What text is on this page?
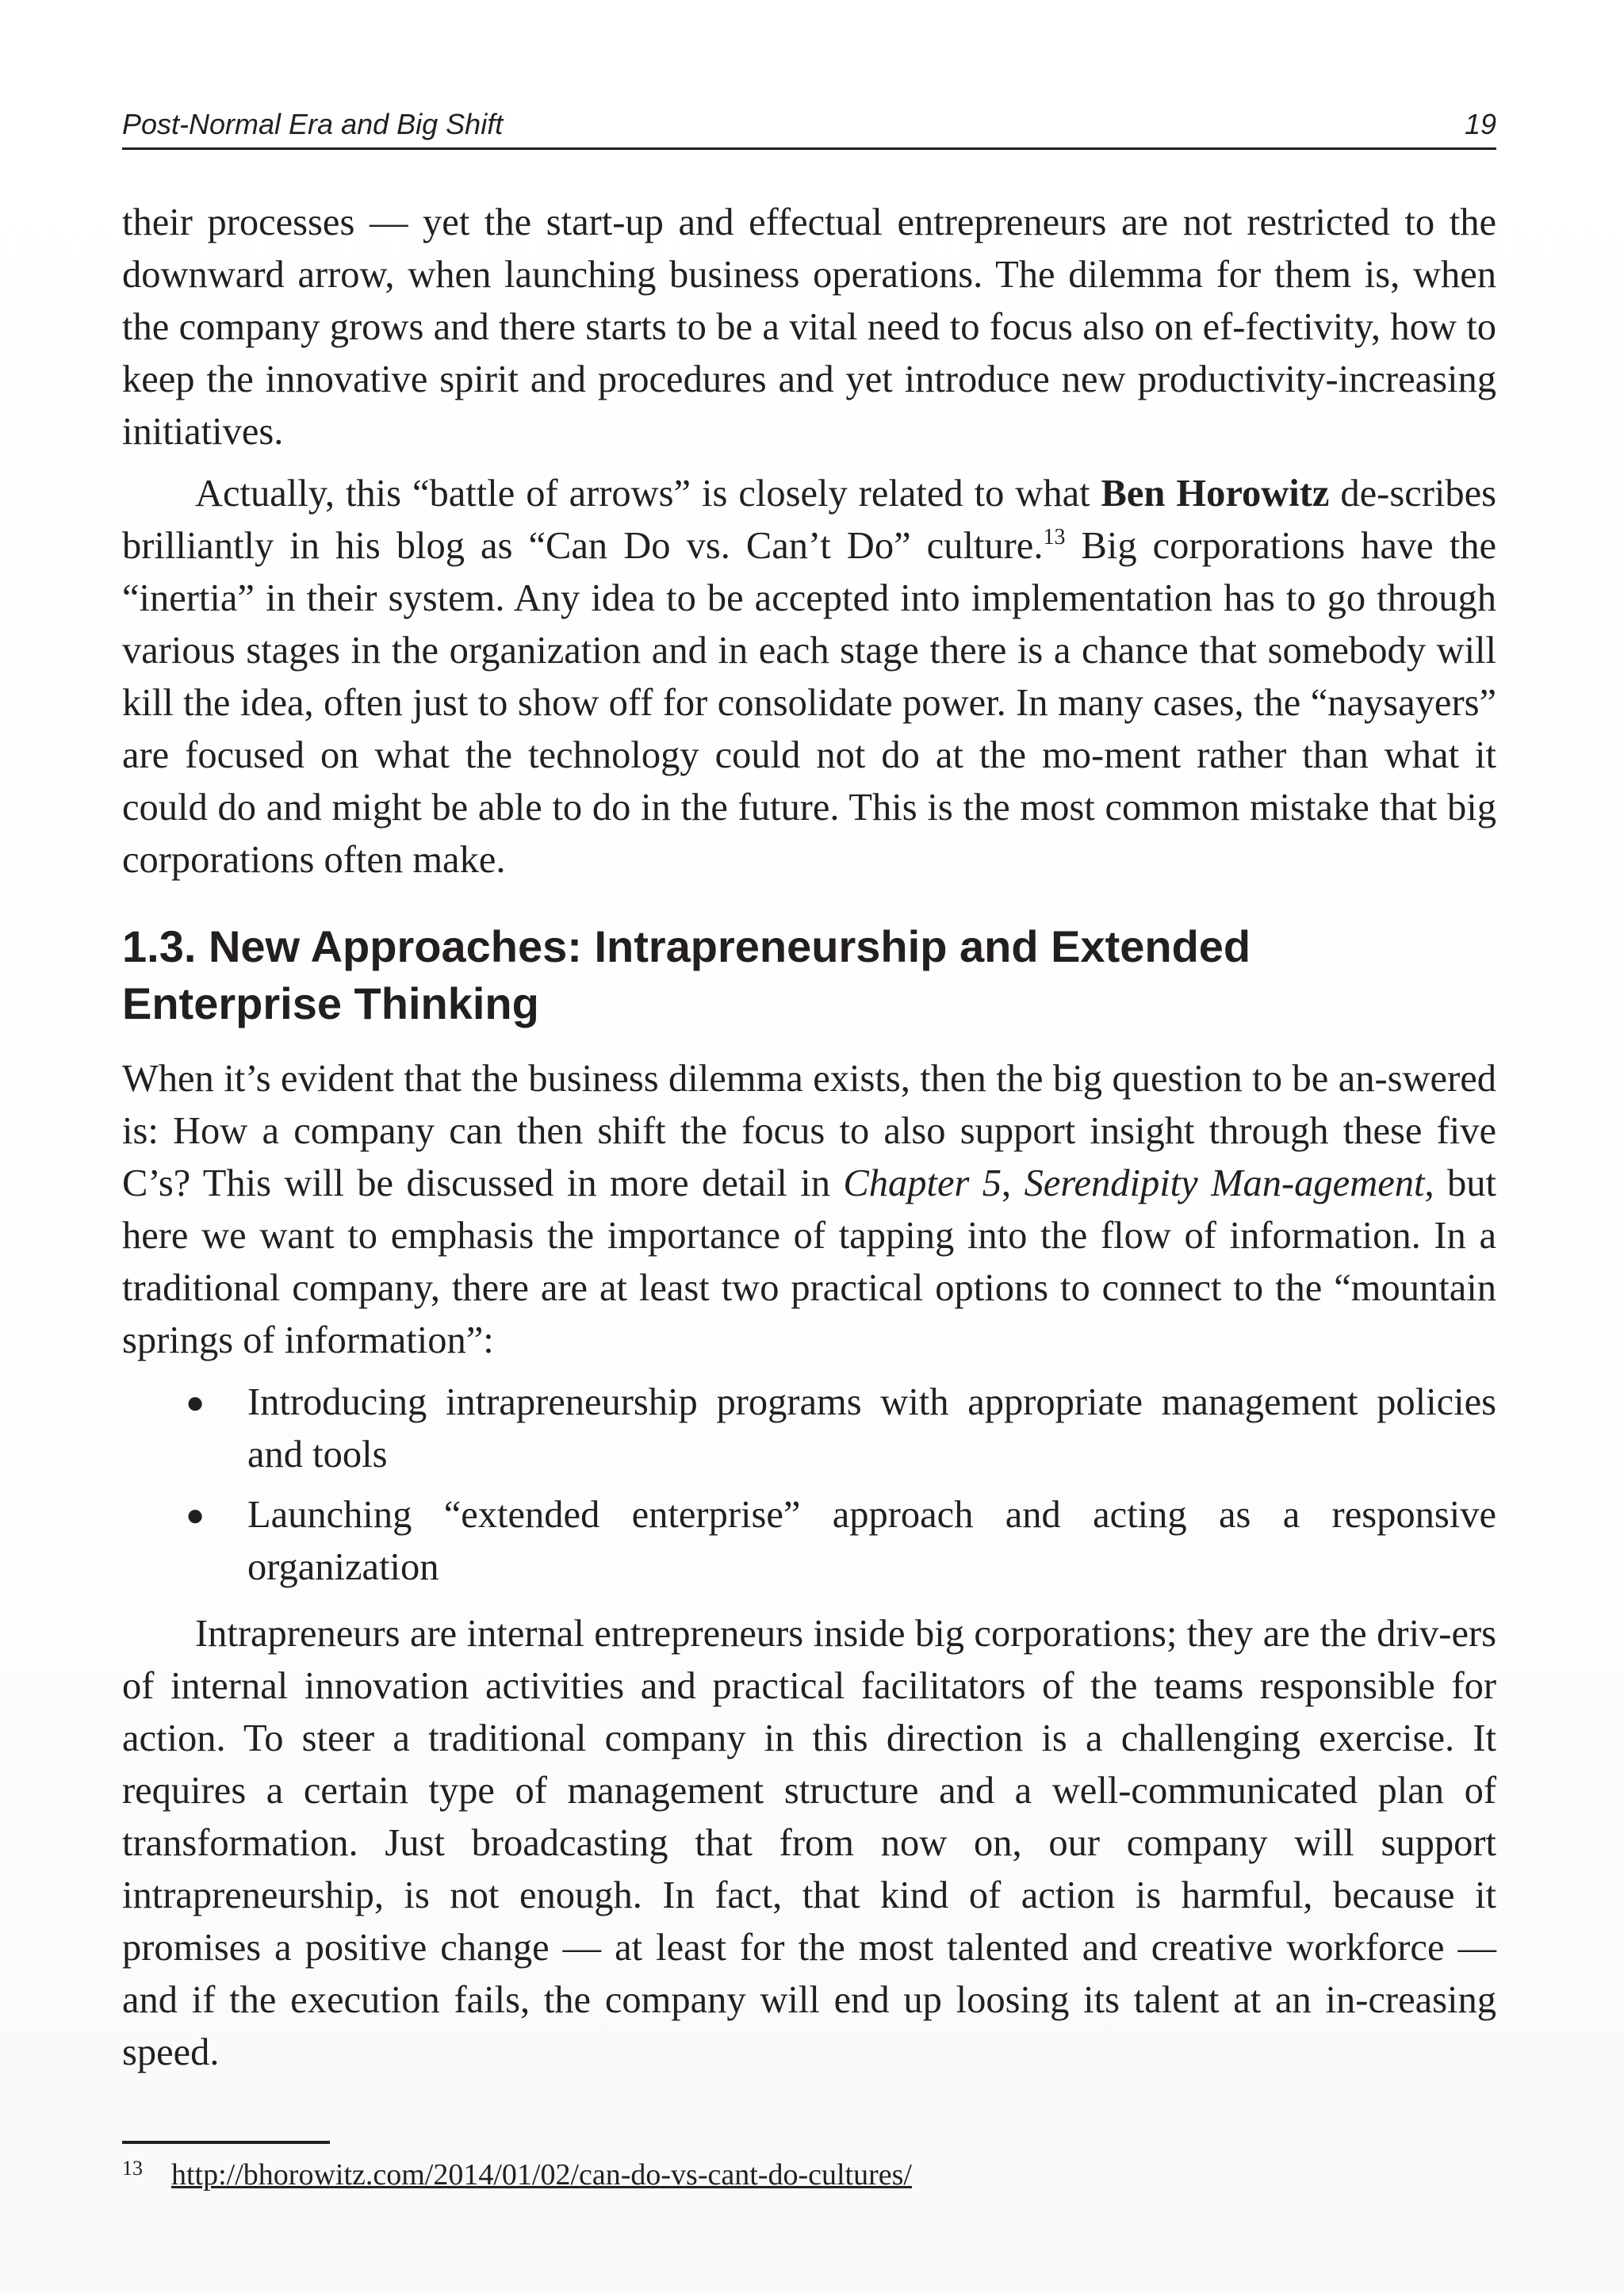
Post-Normal Era and Big Shift	19

their processes — yet the start-up and effectual entrepreneurs are not restricted to the downward arrow, when launching business operations. The dilemma for them is, when the company grows and there starts to be a vital need to focus also on ef-fectivity, how to keep the innovative spirit and procedures and yet introduce new productivity-increasing initiatives.

Actually, this “battle of arrows” is closely related to what Ben Horowitz de-scribes brilliantly in his blog as “Can Do vs. Can’t Do” culture.$^{13}$ Big corporations have the “inertia” in their system. Any idea to be accepted into implementation has to go through various stages in the organization and in each stage there is a chance that somebody will kill the idea, often just to show off for consolidate power. In many cases, the “naysayers” are focused on what the technology could not do at the mo-ment rather than what it could do and might be able to do in the future. This is the most common mistake that big corporations often make.

1.3. New Approaches: Intrapreneurship and Extended
Enterprise Thinking

When it’s evident that the business dilemma exists, then the big question to be an-swered is: How a company can then shift the focus to also support insight through these five C’s? This will be discussed in more detail in Chapter 5, Serendipity Man-agement, but here we want to emphasis the importance of tapping into the flow of information. In a traditional company, there are at least two practical options to connect to the “mountain springs of information”:

● Introducing intrapreneurship programs with appropriate management policies and tools
● Launching “extended enterprise” approach and acting as a responsive organization

Intrapreneurs are internal entrepreneurs inside big corporations; they are the driv-ers of internal innovation activities and practical facilitators of the teams responsible for action. To steer a traditional company in this direction is a challenging exercise. It requires a certain type of management structure and a well-communicated plan of transformation. Just broadcasting that from now on, our company will support intrapreneurship, is not enough. In fact, that kind of action is harmful, because it promises a positive change — at least for the most talented and creative workforce — and if the execution fails, the company will end up loosing its talent at an in-creasing speed.

13 http://bhorowitz.com/2014/01/02/can-do-vs-cant-do-cultures/
